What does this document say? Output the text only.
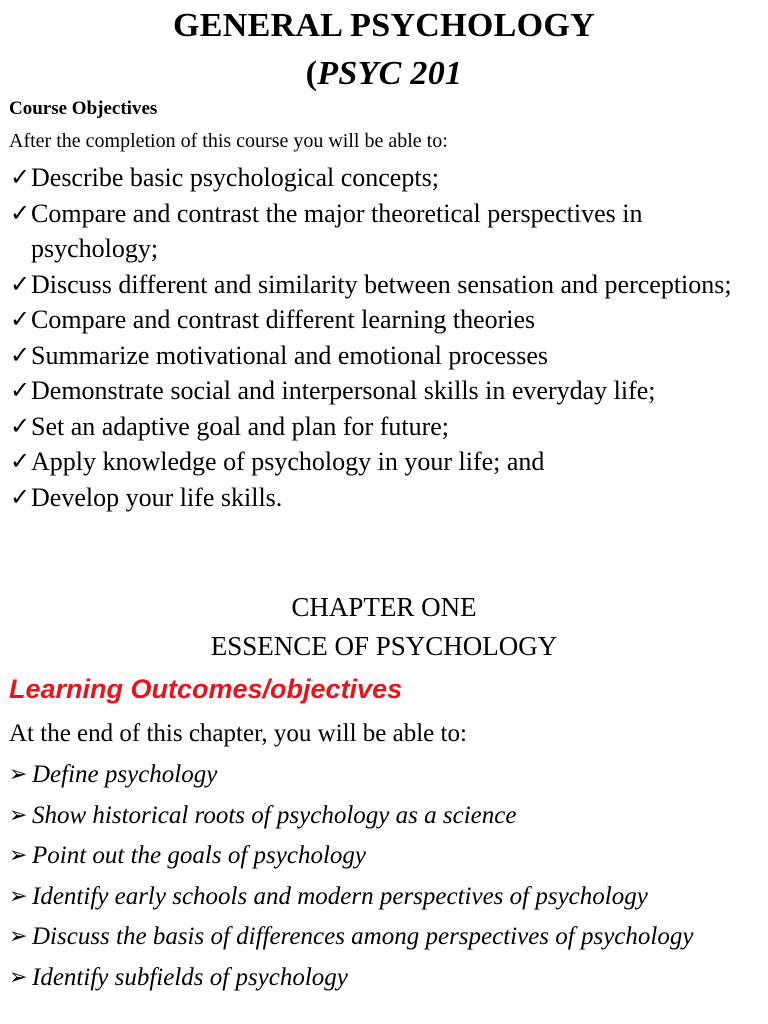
GENERAL PSYCHOLOGY
(PSYC 201
Course Objectives
After the completion of this course you will be able to:
✓ Describe basic psychological concepts;
✓ Compare and contrast the major theoretical perspectives in psychology;
✓ Discuss different and similarity between sensation and perceptions;
✓ Compare and contrast different learning theories
✓ Summarize motivational and emotional processes
✓ Demonstrate social and interpersonal skills in everyday life;
✓ Set an adaptive goal and plan for future;
✓ Apply knowledge of psychology in your life; and
✓ Develop your life skills.
CHAPTER ONE
ESSENCE OF PSYCHOLOGY
Learning Outcomes/objectives
At the end of this chapter, you will be able to:
➢ Define psychology
➢ Show historical roots of psychology as a science
➢ Point out the goals of psychology
➢ Identify early schools and modern perspectives of psychology
➢ Discuss the basis of differences among perspectives of psychology
➢ Identify subfields of psychology
